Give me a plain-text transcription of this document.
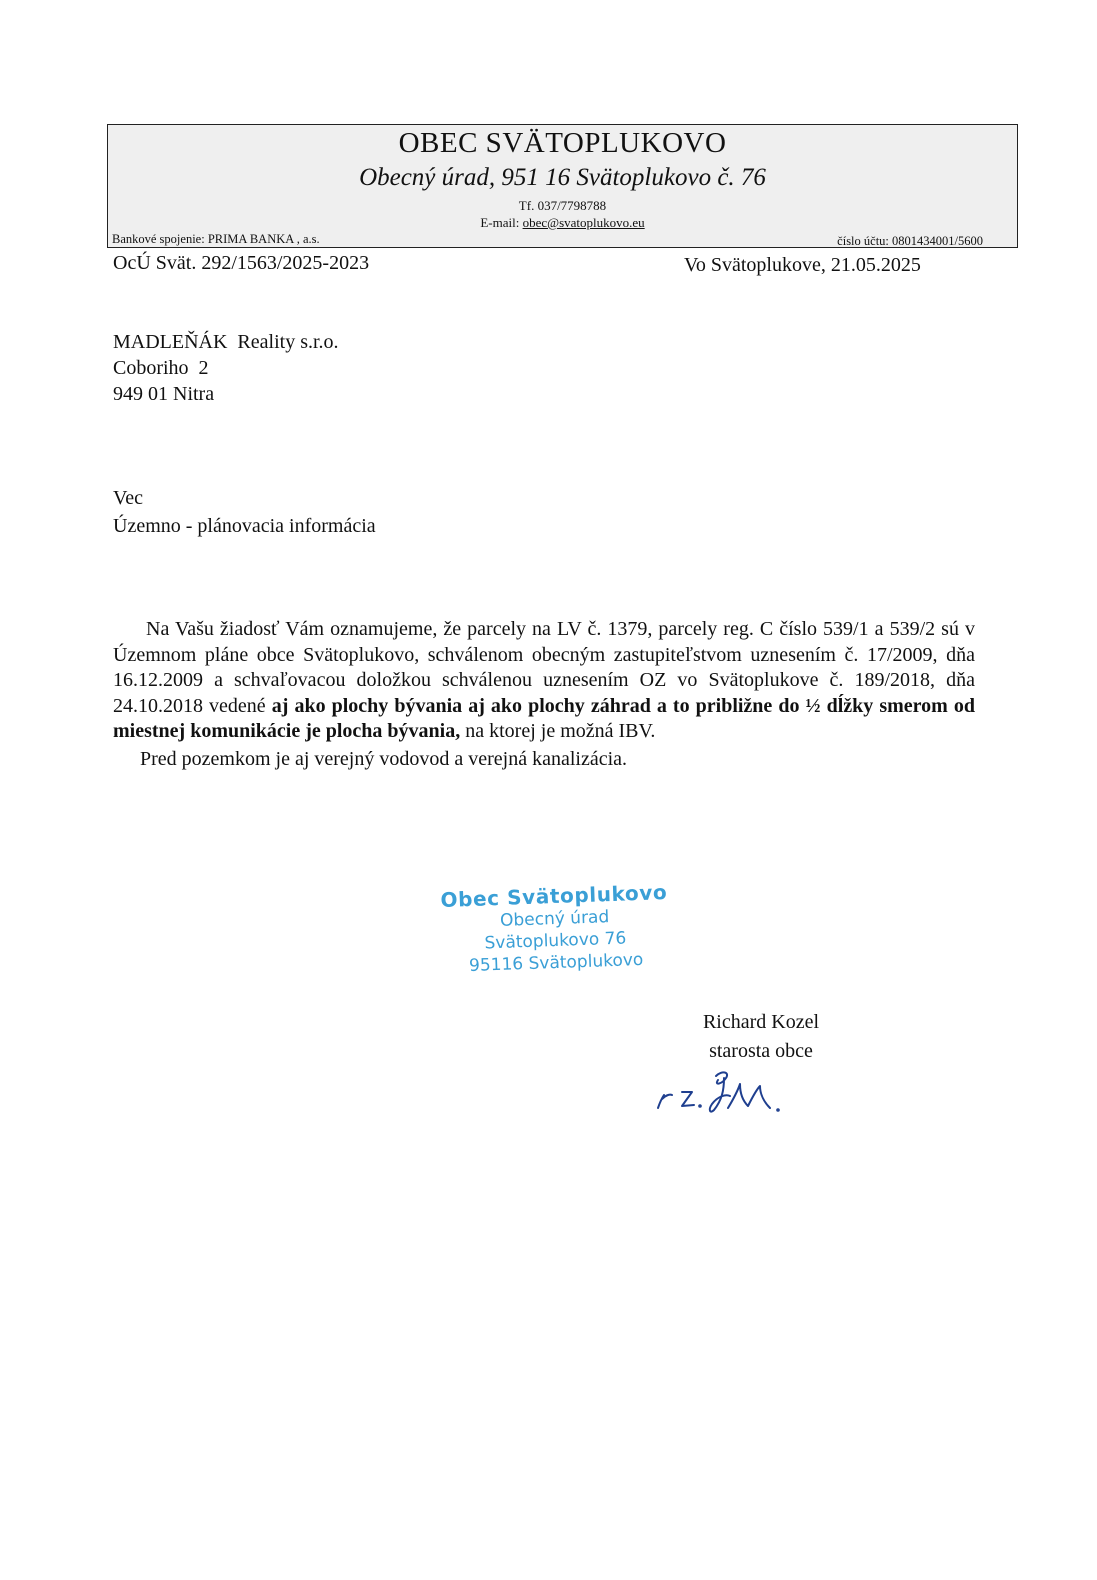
OBEC SVÄTOPLUKOVO
Obecný úrad, 951 16 Svätoplukovo č. 76
Tf. 037/7798788
E-mail: obec@svatoplukovo.eu
Bankové spojenie: PRIMA BANKA , a.s.	číslo účtu: 0801434001/5600
OcÚ Svät. 292/1563/2025-2023	Vo Svätoplukove, 21.05.2025
MADLEŇÁK  Reality s.r.o.
Coboriho  2
949 01 Nitra
Vec
Územno - plánovacia informácia

Na Vašu žiadosť Vám oznamujeme, že parcely na LV č. 1379, parcely reg. C číslo 539/1 a 539/2 sú v Územnom pláne obce Svätoplukovo, schválenom obecným zastupiteľstvom uznesením č. 17/2009, dňa 16.12.2009 a schvaľovacou doložkou schválenou uznesením OZ vo Svätoplukove č. 189/2018, dňa 24.10.2018 vedené aj ako plochy bývania aj ako plochy záhrad a to približne do ½ dĺžky smerom od miestnej komunikácie je plocha bývania, na ktorej je možná IBV.

Pred pozemkom je aj verejný vodovod a verejná kanalizácia.

Obec Svätoplukovo
Obecný úrad
Svätoplukovo 76
95116 Svätoplukovo
Richard Kozel
starosta obce
